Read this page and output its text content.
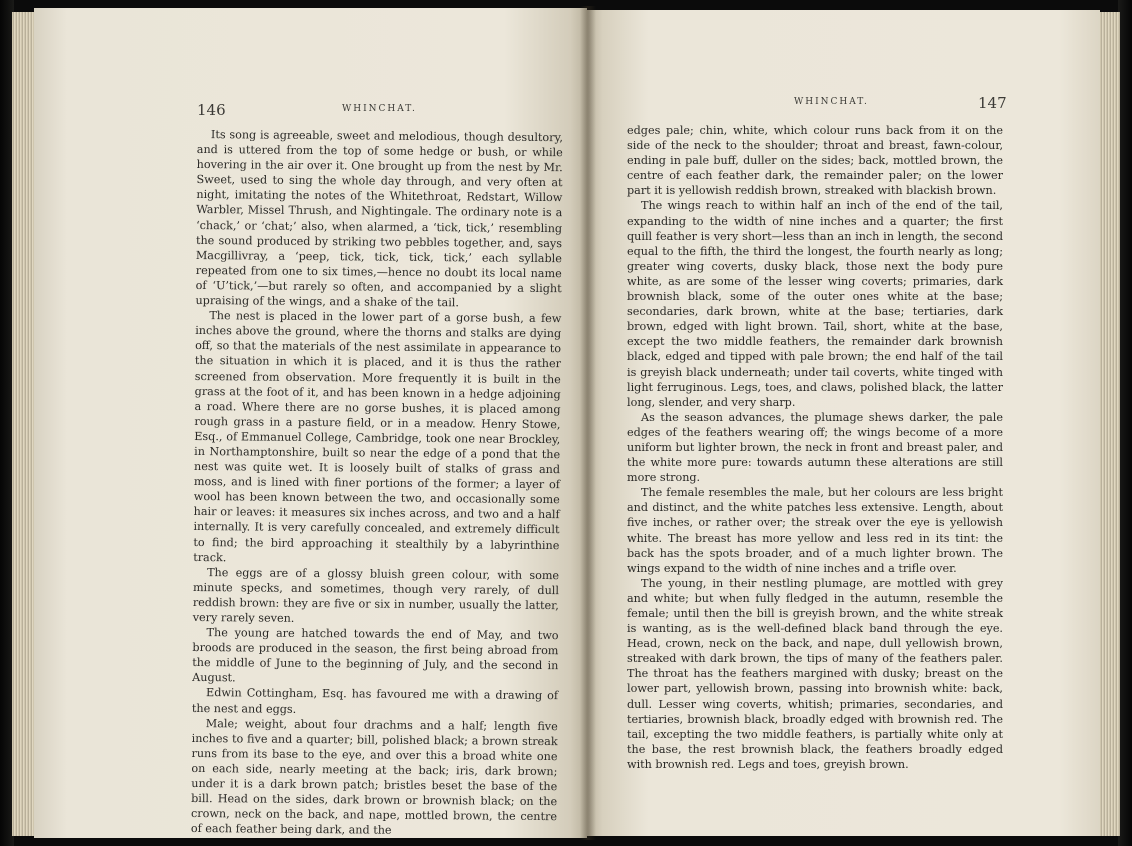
146	WHINCHAT.
WHINCHAT.	147

Its song is agreeable, sweet and melodious, though desultory, and is uttered from the top of some hedge or bush, or while hovering in the air over it. One brought up from the nest by Mr. Sweet, used to sing the whole day through, and very often at night, imitating the notes of the Whitethroat, Redstart, Willow Warbler, Missel Thrush, and Nightingale. The ordinary note is a ‘chack,’ or ‘chat;’ also, when alarmed, a ‘tick, tick,’ resembling the sound produced by striking two pebbles together, and, says Macgillivray, a ‘peep, tick, tick, tick, tick,’ each syllable repeated from one to six times,—hence no doubt its local name of ‘U’tick,’—but rarely so often, and accompanied by a slight upraising of the wings, and a shake of the tail.

The nest is placed in the lower part of a gorse bush, a few inches above the ground, where the thorns and stalks are dying off, so that the materials of the nest assimilate in appearance to the situation in which it is placed, and it is thus the rather screened from observation. More frequently it is built in the grass at the foot of it, and has been known in a hedge adjoining a road. Where there are no gorse bushes, it is placed among rough grass in a pasture field, or in a meadow. Henry Stowe, Esq., of Emmanuel College, Cambridge, took one near Brockley, in Northamptonshire, built so near the edge of a pond that the nest was quite wet. It is loosely built of stalks of grass and moss, and is lined with finer portions of the former; a layer of wool has been known between the two, and occasionally some hair or leaves: it measures six inches across, and two and a half internally. It is very carefully concealed, and extremely difficult to find; the bird approaching it stealthily by a labyrinthine track.

The eggs are of a glossy bluish green colour, with some minute specks, and sometimes, though very rarely, of dull reddish brown: they are five or six in number, usually the latter, very rarely seven.

The young are hatched towards the end of May, and two broods are produced in the season, the first being abroad from the middle of June to the beginning of July, and the second in August.

Edwin Cottingham, Esq. has favoured me with a drawing of the nest and eggs.

Male; weight, about four drachms and a half; length five inches to five and a quarter; bill, polished black; a brown streak runs from its base to the eye, and over this a broad white one on each side, nearly meeting at the back; iris, dark brown; under it is a dark brown patch; bristles beset the base of the bill. Head on the sides, dark brown or brownish black; on the crown, neck on the back, and nape, mottled brown, the centre of each feather being dark, and the

edges pale; chin, white, which colour runs back from it on the side of the neck to the shoulder; throat and breast, fawn-colour, ending in pale buff, duller on the sides; back, mottled brown, the centre of each feather dark, the remainder paler; on the lower part it is yellowish reddish brown, streaked with blackish brown.

The wings reach to within half an inch of the end of the tail, expanding to the width of nine inches and a quarter; the first quill feather is very short—less than an inch in length, the second equal to the fifth, the third the longest, the fourth nearly as long; greater wing coverts, dusky black, those next the body pure white, as are some of the lesser wing coverts; primaries, dark brownish black, some of the outer ones white at the base; secondaries, dark brown, white at the base; tertiaries, dark brown, edged with light brown. Tail, short, white at the base, except the two middle feathers, the remainder dark brownish black, edged and tipped with pale brown; the end half of the tail is greyish black underneath; under tail coverts, white tinged with light ferruginous. Legs, toes, and claws, polished black, the latter long, slender, and very sharp.

As the season advances, the plumage shews darker, the pale edges of the feathers wearing off; the wings become of a more uniform but lighter brown, the neck in front and breast paler, and the white more pure: towards autumn these alterations are still more strong.

The female resembles the male, but her colours are less bright and distinct, and the white patches less extensive. Length, about five inches, or rather over; the streak over the eye is yellowish white. The breast has more yellow and less red in its tint: the back has the spots broader, and of a much lighter brown. The wings expand to the width of nine inches and a trifle over.

The young, in their nestling plumage, are mottled with grey and white; but when fully fledged in the autumn, resemble the female; until then the bill is greyish brown, and the white streak is wanting, as is the well-defined black band through the eye. Head, crown, neck on the back, and nape, dull yellowish brown, streaked with dark brown, the tips of many of the feathers paler. The throat has the feathers margined with dusky; breast on the lower part, yellowish brown, passing into brownish white: back, dull. Lesser wing coverts, whitish; primaries, secondaries, and tertiaries, brownish black, broadly edged with brownish red. The tail, excepting the two middle feathers, is partially white only at the base, the rest brownish black, the feathers broadly edged with brownish red. Legs and toes, greyish brown.
